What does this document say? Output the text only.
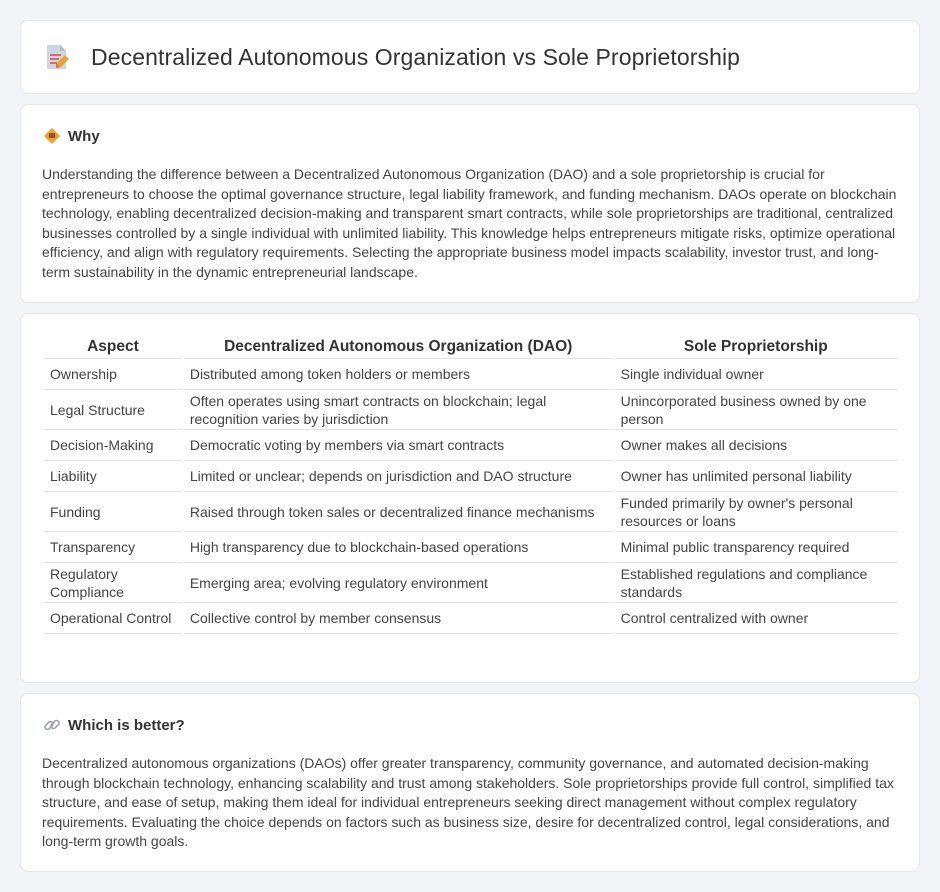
Decentralized Autonomous Organization vs Sole Proprietorship
Why

Understanding the difference between a Decentralized Autonomous Organization (DAO) and a sole proprietorship is crucial for entrepreneurs to choose the optimal governance structure, legal liability framework, and funding mechanism. DAOs operate on blockchain technology, enabling decentralized decision-making and transparent smart contracts, while sole proprietorships are traditional, centralized businesses controlled by a single individual with unlimited liability. This knowledge helps entrepreneurs mitigate risks, optimize operational efficiency, and align with regulatory requirements. Selecting the appropriate business model impacts scalability, investor trust, and long-term sustainability in the dynamic entrepreneurial landscape.

Aspect	Decentralized Autonomous Organization (DAO)	Sole Proprietorship
Ownership	Distributed among token holders or members	Single individual owner
Legal Structure	Often operates using smart contracts on blockchain; legal recognition varies by jurisdiction	Unincorporated business owned by one person
Decision-Making	Democratic voting by members via smart contracts	Owner makes all decisions
Liability	Limited or unclear; depends on jurisdiction and DAO structure	Owner has unlimited personal liability
Funding	Raised through token sales or decentralized finance mechanisms	Funded primarily by owner's personal resources or loans
Transparency	High transparency due to blockchain-based operations	Minimal public transparency required
Regulatory Compliance	Emerging area; evolving regulatory environment	Established regulations and compliance standards
Operational Control	Collective control by member consensus	Control centralized with owner
Which is better?

Decentralized autonomous organizations (DAOs) offer greater transparency, community governance, and automated decision-making through blockchain technology, enhancing scalability and trust among stakeholders. Sole proprietorships provide full control, simplified tax structure, and ease of setup, making them ideal for individual entrepreneurs seeking direct management without complex regulatory requirements. Evaluating the choice depends on factors such as business size, desire for decentralized control, legal considerations, and long-term growth goals.
